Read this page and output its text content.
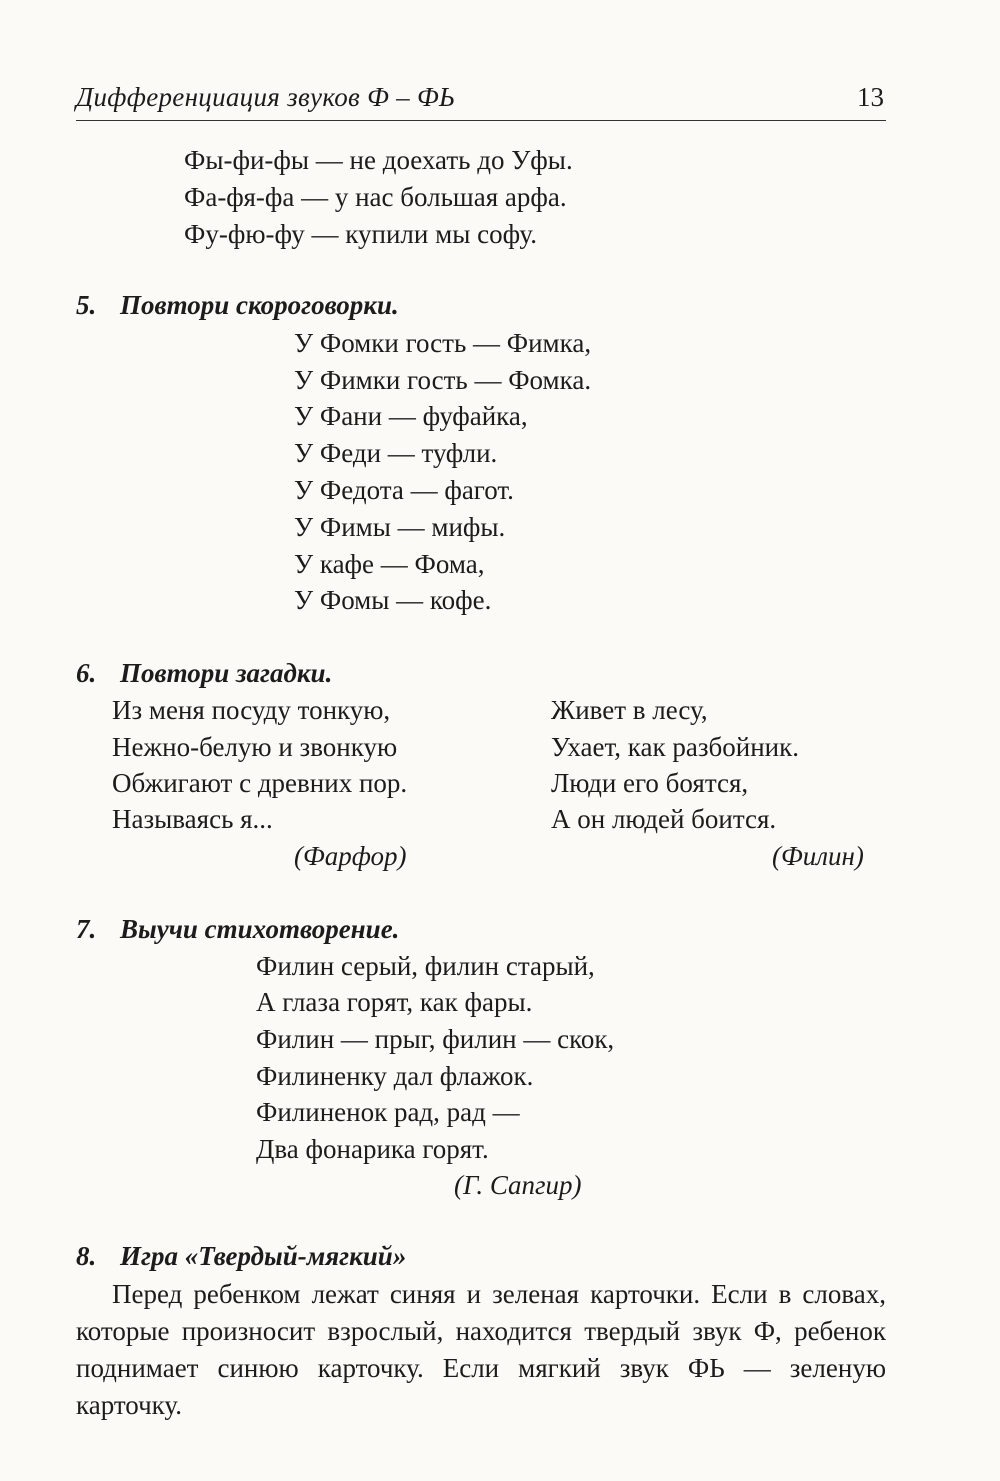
Дифференциация звуков Ф – ФЬ	13
Фы-фи-фы — не доехать до Уфы.
Фа-фя-фа — у нас большая арфа.
Фу-фю-фу — купили мы софу.
5. Повтори скороговорки.
У Фомки гость — Фимка,
У Фимки гость — Фомка.
У Фани — фуфайка,
У Феди — туфли.
У Федота — фагот.
У Фимы — мифы.
У кафе — Фома,
У Фомы — кофе.
6. Повтори загадки.
Из меня посуду тонкую,
Нежно-белую и звонкую
Обжигают с древних пор.
Называясь я...
(Фарфор)
Живет в лесу,
Ухает, как разбойник.
Люди его боятся,
А он людей боится.
(Филин)
7. Выучи стихотворение.
Филин серый, филин старый,
А глаза горят, как фары.
Филин — прыг, филин — скок,
Филиненку дал флажок.
Филиненок рад, рад —
Два фонарика горят.
(Г. Сапгир)
8. Игра «Твердый-мягкий»
Перед ребенком лежат синяя и зеленая карточки. Если в словах, которые произносит взрослый, находится твердый звук Ф, ребенок поднимает синюю карточку. Если мягкий звук ФЬ — зеленую карточку.
